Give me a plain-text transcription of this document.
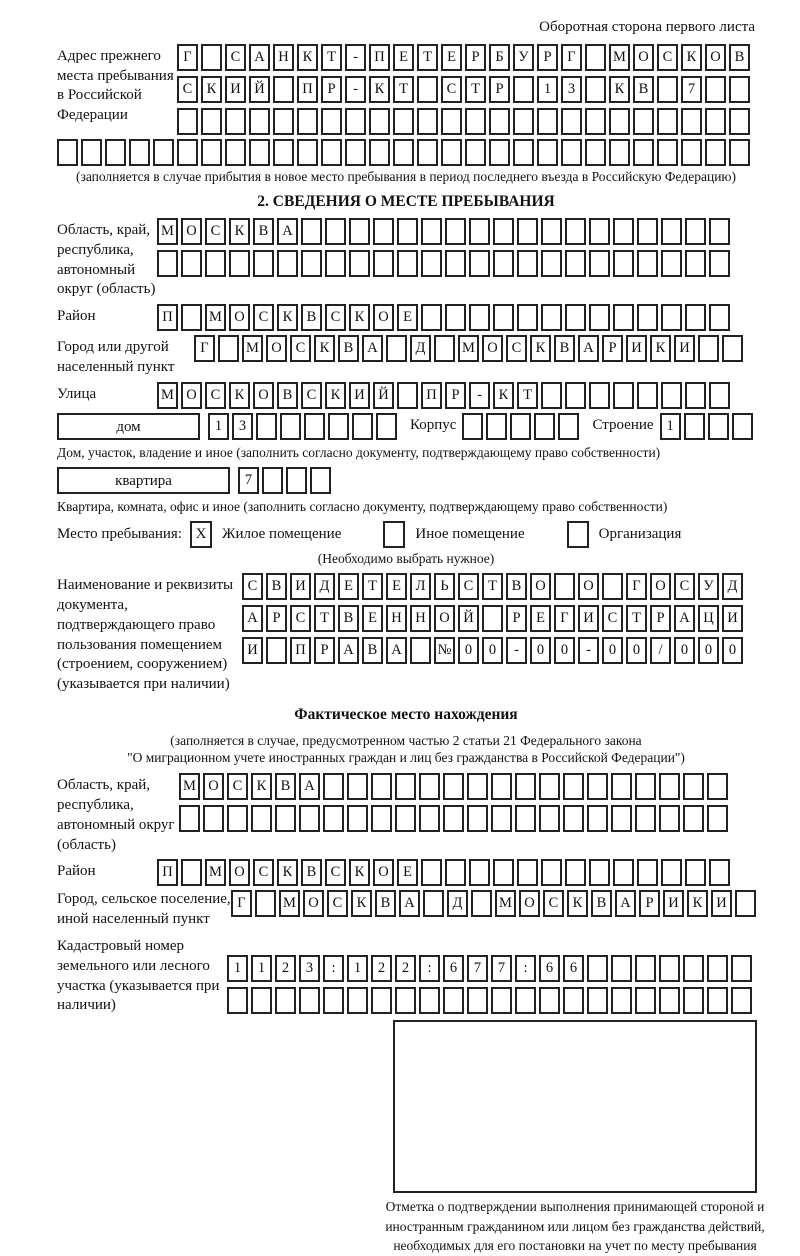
Оборотная сторона первого листа
Адрес прежнего места пребывания в Российской Федерации
Г	С А Н К	Т	-	П Е	Т	Е	Р	Б	У	Р	Г	М О С К О В
С К И Й	П	Р	-	К	Т	С	Т	Р	1	3	К В	7
(заполняется в случае прибытия в новое место пребывания в период последнего въезда в Российскую Федерацию)
2. СВЕДЕНИЯ О МЕСТЕ ПРЕБЫВАНИЯ
Область, край, республика, автономный округ (область)
М О С К В А
Район	П	М О С К В С К О Е
Город или другой населенный пункт
Г	М О С К В А	Д	М О С К В А	Р	И К И
Улица	М О С К О В С К И Й	П	Р	-	К	Т
дом	1	3	Корпус	Строение 1
Дом, участок, владение и иное (заполнить согласно документу, подтверждающему право собственности)
квартира	7
Квартира, комната, офис и иное (заполнить согласно документу, подтверждающему право собственности)
Место пребывания: X	Жилое помещение	Иное помещение	Организация
(Необходимо выбрать нужное)
Наименование и реквизиты документа, подтверждающего право пользования помещением (строением, сооружением) (указывается при наличии)
С В И Д	Е	Т	Е	Л	Ь	С	Т	В О	О	Г	О С У Д
А	Р	С	Т	В	Е Н Н О Й	Р	Е	Г	И С	Т	Р	А Ц И
И	П	Р	А В А	№ 0	0	-	0	0	-	0	0	/	0	0	0
Фактическое место нахождения

(заполняется в случае, предусмотренном частью 2 статьи 21 Федерального закона

"О миграционном учете иностранных граждан и лиц без гражданства в Российской Федерации")

Область, край, республика, автономный округ (область)
М О С К В А
Район	П	М О С К В С К О Е
Город, сельское поселение, иной населенный пункт
Г	М О С К В А	Д	М О С К В А	Р	И К И
Кадастровый номер земельного или лесного участка (указывается при наличии)
1	1	2	3	:	1	2	2	:	6	7	7	:	6	6
Отметка о подтверждении выполнения принимающей стороной и иностранным гражданином или лицом без гражданства действий, необходимых для его постановки на учет по месту пребывания
